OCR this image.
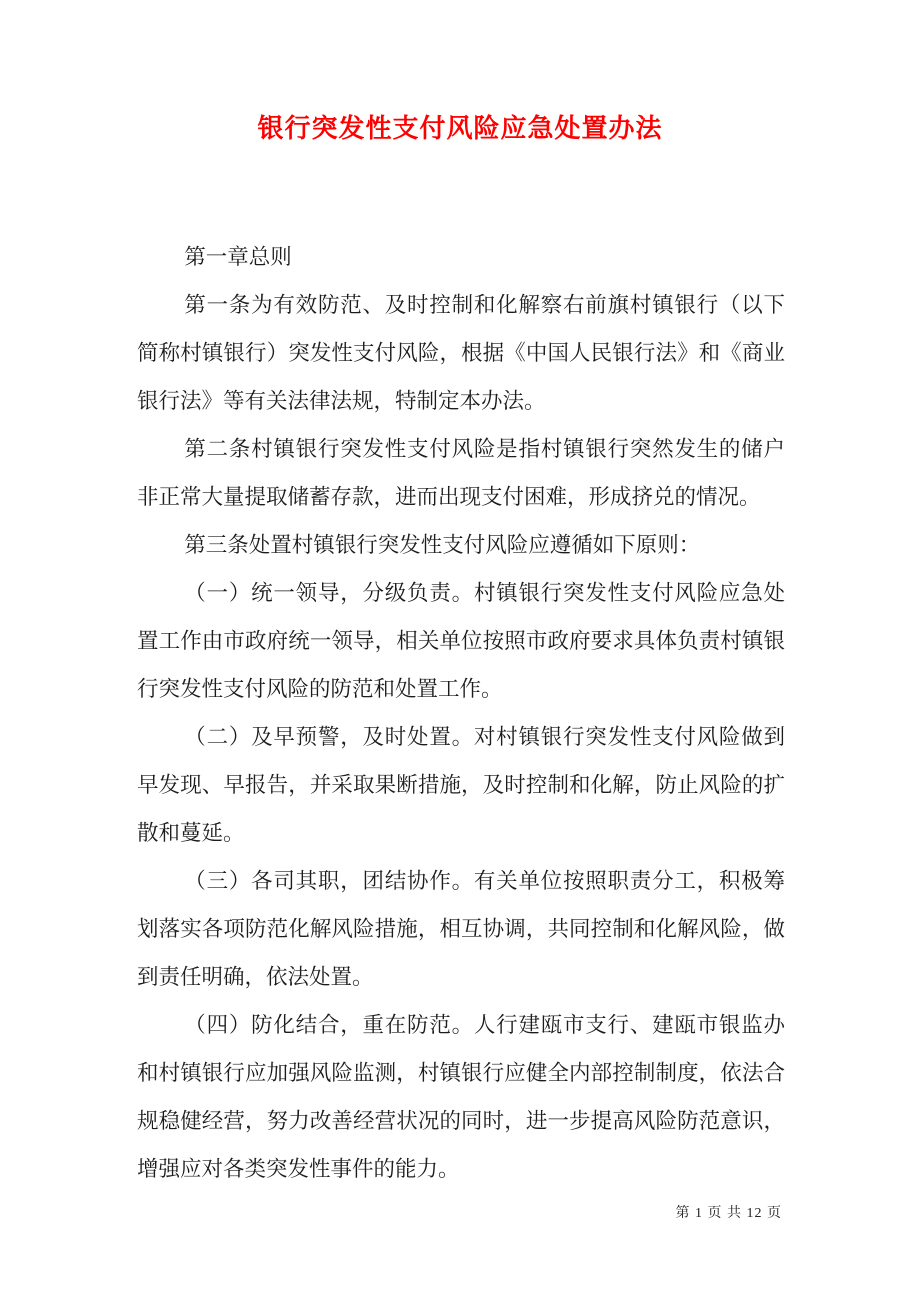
银行突发性支付风险应急处置办法
第一章总则
第一条为有效防范、及时控制和化解察右前旗村镇银行（以下
简称村镇银行）突发性支付风险，根据《中国人民银行法》和《商业
银行法》等有关法律法规，特制定本办法。
第二条村镇银行突发性支付风险是指村镇银行突然发生的储户
非正常大量提取储蓄存款，进而出现支付困难，形成挤兑的情况。
第三条处置村镇银行突发性支付风险应遵循如下原则：
（一）统一领导，分级负责。村镇银行突发性支付风险应急处
置工作由市政府统一领导，相关单位按照市政府要求具体负责村镇银
行突发性支付风险的防范和处置工作。
（二）及早预警，及时处置。对村镇银行突发性支付风险做到
早发现、早报告，并采取果断措施，及时控制和化解，防止风险的扩
散和蔓延。
（三）各司其职，团结协作。有关单位按照职责分工，积极筹
划落实各项防范化解风险措施，相互协调，共同控制和化解风险，做
到责任明确，依法处置。
（四）防化结合，重在防范。人行建瓯市支行、建瓯市银监办
和村镇银行应加强风险监测，村镇银行应健全内部控制制度，依法合
规稳健经营，努力改善经营状况的同时，进一步提高风险防范意识，
增强应对各类突发性事件的能力。
第 1 页 共 12 页
